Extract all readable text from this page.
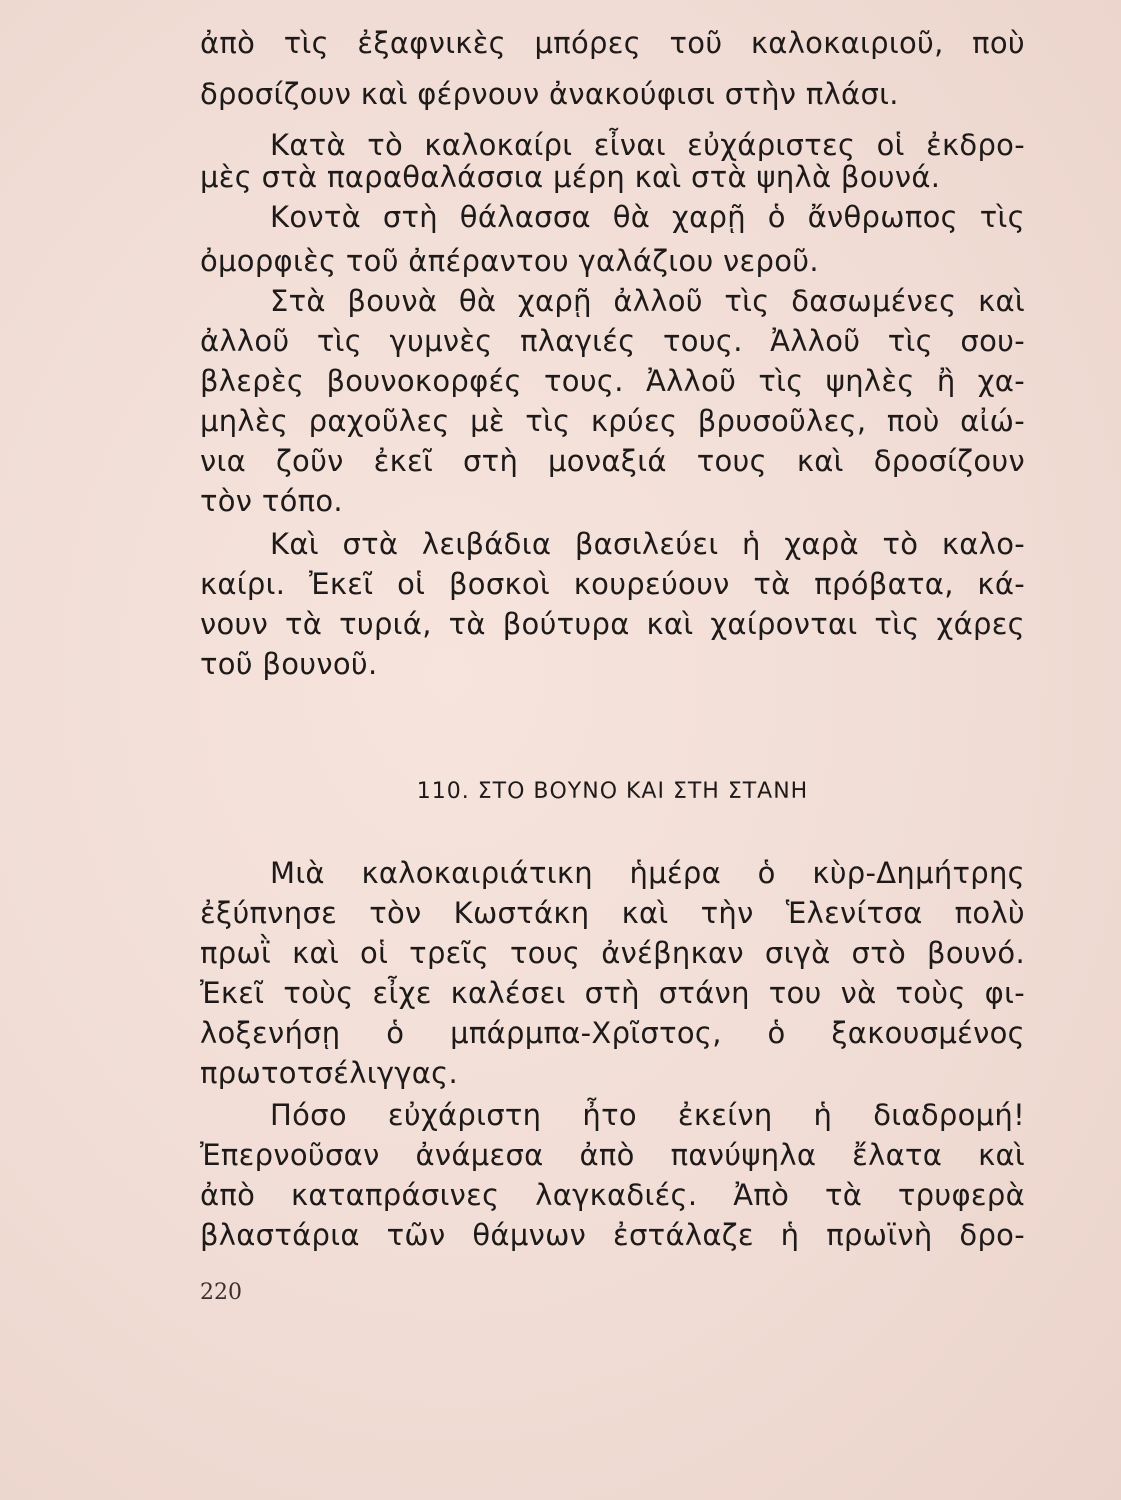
ἀπὸ τὶς ἐξαφνικὲς μπόρες τοῦ καλοκαιριοῦ, ποὺ
δροσίζουν καὶ φέρνουν ἀνακούφισι στὴν πλάσι.
Κατὰ τὸ καλοκαίρι εἶναι εὐχάριστες οἱ ἐκδρο-
μὲς στὰ παραθαλάσσια μέρη καὶ στὰ ψηλὰ βουνά.
Κοντὰ στὴ θάλασσα θὰ χαρῇ ὁ ἄνθρωπος τὶς
ὀμορφιὲς τοῦ ἀπέραντου γαλάζιου νεροῦ.
Στὰ βουνὰ θὰ χαρῇ ἀλλοῦ τὶς δασωμένες καὶ
ἀλλοῦ τὶς γυμνὲς πλαγιές τους. Ἀλλοῦ τὶς σου-
βλερὲς βουνοκορφές τους. Ἀλλοῦ τὶς ψηλὲς ἢ χα-
μηλὲς ραχοῦλες μὲ τὶς κρύες βρυσοῦλες, ποὺ αἰώ-
νια ζοῦν ἐκεῖ στὴ μοναξιά τους καὶ δροσίζουν
τὸν τόπο.
Καὶ στὰ λειβάδια βασιλεύει ἡ χαρὰ τὸ καλο-
καίρι. Ἐκεῖ οἱ βοσκοὶ κουρεύουν τὰ πρόβατα, κά-
νουν τὰ τυριά, τὰ βούτυρα καὶ χαίρονται τὶς χάρες
τοῦ βουνοῦ.
110. ΣΤΟ ΒΟΥΝΟ ΚΑΙ ΣΤΗ ΣΤΑΝΗ
Μιὰ καλοκαιριάτικη ἡμέρα ὁ κὺρ-Δημήτρης
ἐξύπνησε τὸν Κωστάκη καὶ τὴν Ἑλενίτσα πολὺ
πρωῒ καὶ οἱ τρεῖς τους ἀνέβηκαν σιγὰ στὸ βουνό.
Ἐκεῖ τοὺς εἶχε καλέσει στὴ στάνη του νὰ τοὺς φι-
λοξενήσῃ ὁ μπάρμπα-Χρῖστος, ὁ ξακουσμένος
πρωτοτσέλιγγας.
Πόσο εὐχάριστη ἦτο ἐκείνη ἡ διαδρομή!
Ἐπερνοῦσαν ἀνάμεσα ἀπὸ πανύψηλα ἔλατα καὶ
ἀπὸ καταπράσινες λαγκαδιές. Ἀπὸ τὰ τρυφερὰ
βλαστάρια τῶν θάμνων ἐστάλαζε ἡ πρωϊνὴ δρο-
220
